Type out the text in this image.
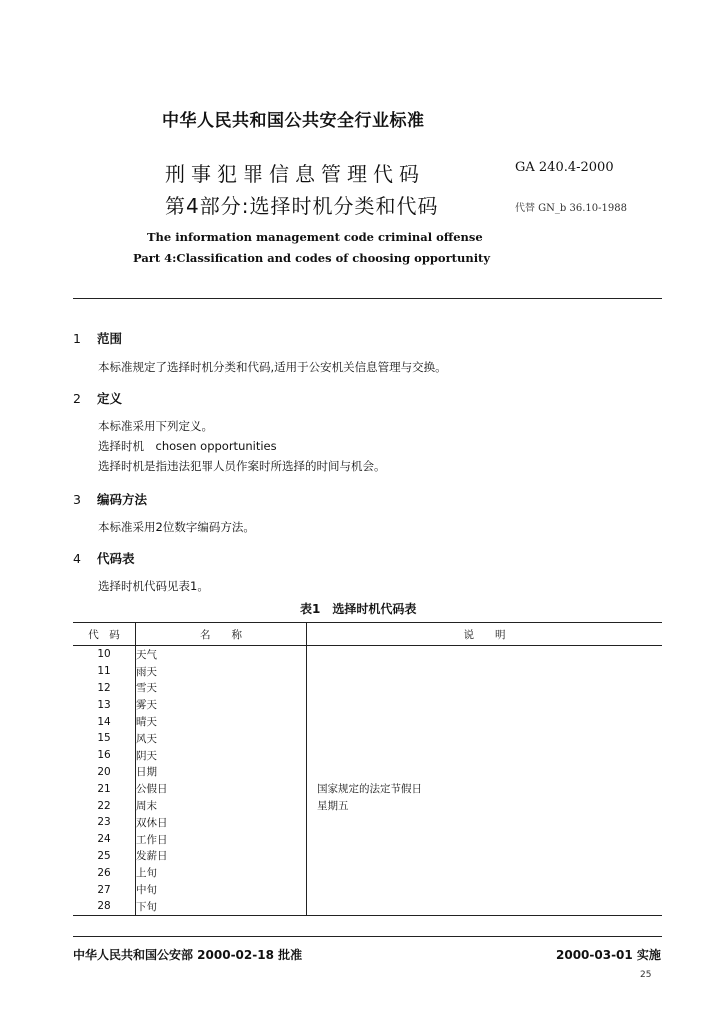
中华人民共和国公共安全行业标准
刑事犯罪信息管理代码
第4部分:选择时机分类和代码
GA 240.4-2000
代替 GN_b 36.10-1988
The information management code criminal offense
Part 4:Classification and codes of choosing opportunity
1 范围
本标准规定了选择时机分类和代码,适用于公安机关信息管理与交换。
2 定义
本标准采用下列定义。
选择时机　chosen opportunities
选择时机是指违法犯罪人员作案时所选择的时间与机会。
3 编码方法
本标准采用2位数字编码方法。
4 代码表
选择时机代码见表1。
表1　选择时机代码表
代　码	名　　称	说　　明
10	天气	
11	雨天	
12	雪天	
13	雾天	
14	晴天	
15	风天	
16	阴天	
20	日期	
21	公假日	国家规定的法定节假日
22	周末	星期五
23	双休日	
24	工作日	
25	发薪日	
26	上旬	
27	中旬	
28	下旬	
中华人民共和国公安部 2000-02-18 批准	2000-03-01 实施
25
